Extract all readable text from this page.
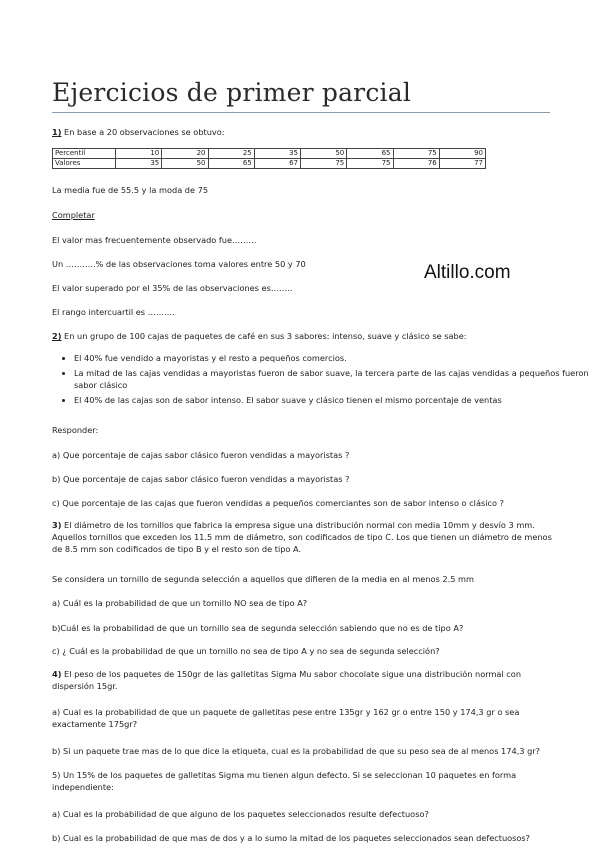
Ejercicios de primer parcial
1) En base a 20 observaciones se obtuvo:
Percentil	10	20	25	35	50	65	75	90
Valores	35	50	65	67	75	75	76	77
La media fue de 55.5 y la moda de 75
Completar
El valor mas frecuentemente observado fue………
Un ………..% de las observaciones toma valores entre 50 y 70
El valor superado por el 35% de las observaciones es……..
El rango intercuartil es ……….
Altillo.com
2) En un grupo de 100 cajas de paquetes de café en sus 3 sabores: intenso, suave y clásico se sabe:
• El 40% fue vendido a mayoristas y el resto a pequeños comercios.
• La mitad de las cajas vendidas a mayoristas fueron de sabor suave, la tercera parte de las cajas vendidas a pequeños fueron sabor clásico
• El 40% de las cajas son de sabor intenso. El sabor suave y clásico tienen el mismo porcentaje de ventas
Responder:
a) Que porcentaje de cajas sabor clásico fueron vendidas a mayoristas ?
b) Que porcentaje de cajas sabor clásico fueron vendidas a mayoristas ?
c) Que porcentaje de las cajas que fueron vendidas a pequeños comerciantes son de sabor intenso o clásico ?
3) El diámetro de los tornillos que fabrica la empresa sigue una distribución normal con media 10mm y desvío 3 mm. Aquellos tornillos que exceden los 11.5 mm de diámetro, son codificados de tipo C. Los que tienen un diámetro de menos de 8.5 mm son codificados de tipo B y el resto son de tipo A.
Se considera un tornillo de segunda selección a aquellos que difieren de la media en al menos 2.5 mm
a) Cuál es la probabilidad de que un tornillo NO sea de tipo A?
b)Cuál es la probabilidad de que un tornillo sea de segunda selección sabiendo que no es de tipo A?
c) ¿ Cuál es la probabilidad de que un tornillo no sea de tipo A y no sea de segunda selección?
4) El peso de los paquetes de 150gr de las galletitas Sigma Mu sabor chocolate sigue una distribución normal con dispersión 15gr.
a) Cual es la probabilidad de que un paquete de galletitas pese entre 135gr y 162 gr o entre 150 y 174,3 gr o sea exactamente 175gr?
b) Si un paquete trae mas de lo que dice la etiqueta, cual es la probabilidad de que su peso sea de al menos 174,3 gr?
5) Un 15% de los paquetes de galletitas Sigma mu tienen algun defecto. Si se seleccionan 10 paquetes en forma independiente:
a) Cual es la probabilidad de que alguno de los paquetes seleccionados resulte defectuoso?
b) Cual es la probabilidad de que mas de dos y a lo sumo la mitad de los paquetes seleccionados sean defectuosos?
